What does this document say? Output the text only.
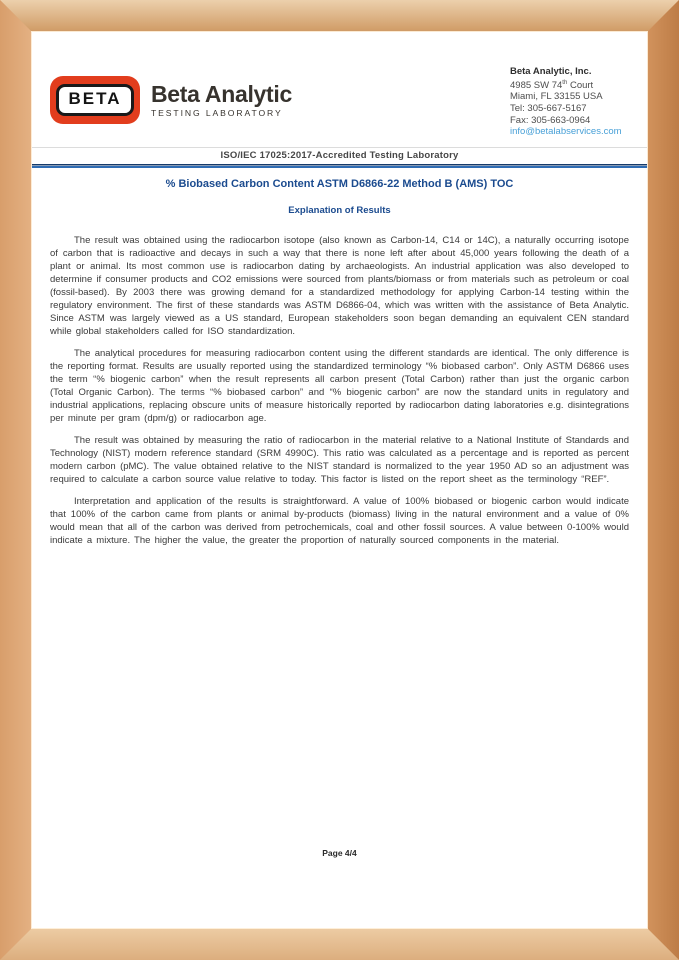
BETA	Beta Analytic
TESTING LABORATORY
Beta Analytic, Inc.
4985 SW 74th Court
Miami, FL 33155 USA
Tel: 305-667-5167
Fax: 305-663-0964
info@betalabservices.com
ISO/IEC 17025:2017-Accredited Testing Laboratory
% Biobased Carbon Content ASTM D6866-22 Method B (AMS) TOC
Explanation of Results

The result was obtained using the radiocarbon isotope (also known as Carbon-14, C14 or 14C), a naturally occurring isotope of carbon that is radioactive and decays in such a way that there is none left after about 45,000 years following the death of a plant or animal. Its most common use is radiocarbon dating by archaeologists. An industrial application was also developed to determine if consumer products and CO2 emissions were sourced from plants/biomass or from materials such as petroleum or coal (fossil-based). By 2003 there was growing demand for a standardized methodology for applying Carbon-14 testing within the regulatory environment. The first of these standards was ASTM D6866-04, which was written with the assistance of Beta Analytic. Since ASTM was largely viewed as a US standard, European stakeholders soon began demanding an equivalent CEN standard while global stakeholders called for ISO standardization.

The analytical procedures for measuring radiocarbon content using the different standards are identical. The only difference is the reporting format. Results are usually reported using the standardized terminology “% biobased carbon”. Only ASTM D6866 uses the term “% biogenic carbon” when the result represents all carbon present (Total Carbon) rather than just the organic carbon (Total Organic Carbon). The terms “% biobased carbon” and “% biogenic carbon” are now the standard units in regulatory and industrial applications, replacing obscure units of measure historically reported by radiocarbon dating laboratories e.g. disintegrations per minute per gram (dpm/g) or radiocarbon age.

The result was obtained by measuring the ratio of radiocarbon in the material relative to a National Institute of Standards and Technology (NIST) modern reference standard (SRM 4990C). This ratio was calculated as a percentage and is reported as percent modern carbon (pMC). The value obtained relative to the NIST standard is normalized to the year 1950 AD so an adjustment was required to calculate a carbon source value relative to today. This factor is listed on the report sheet as the terminology “REF”.

Interpretation and application of the results is straightforward. A value of 100% biobased or biogenic carbon would indicate that 100% of the carbon came from plants or animal by-products (biomass) living in the natural environment and a value of 0% would mean that all of the carbon was derived from petrochemicals, coal and other fossil sources. A value between 0-100% would indicate a mixture. The higher the value, the greater the proportion of naturally sourced components in the material.

Page 4/4
